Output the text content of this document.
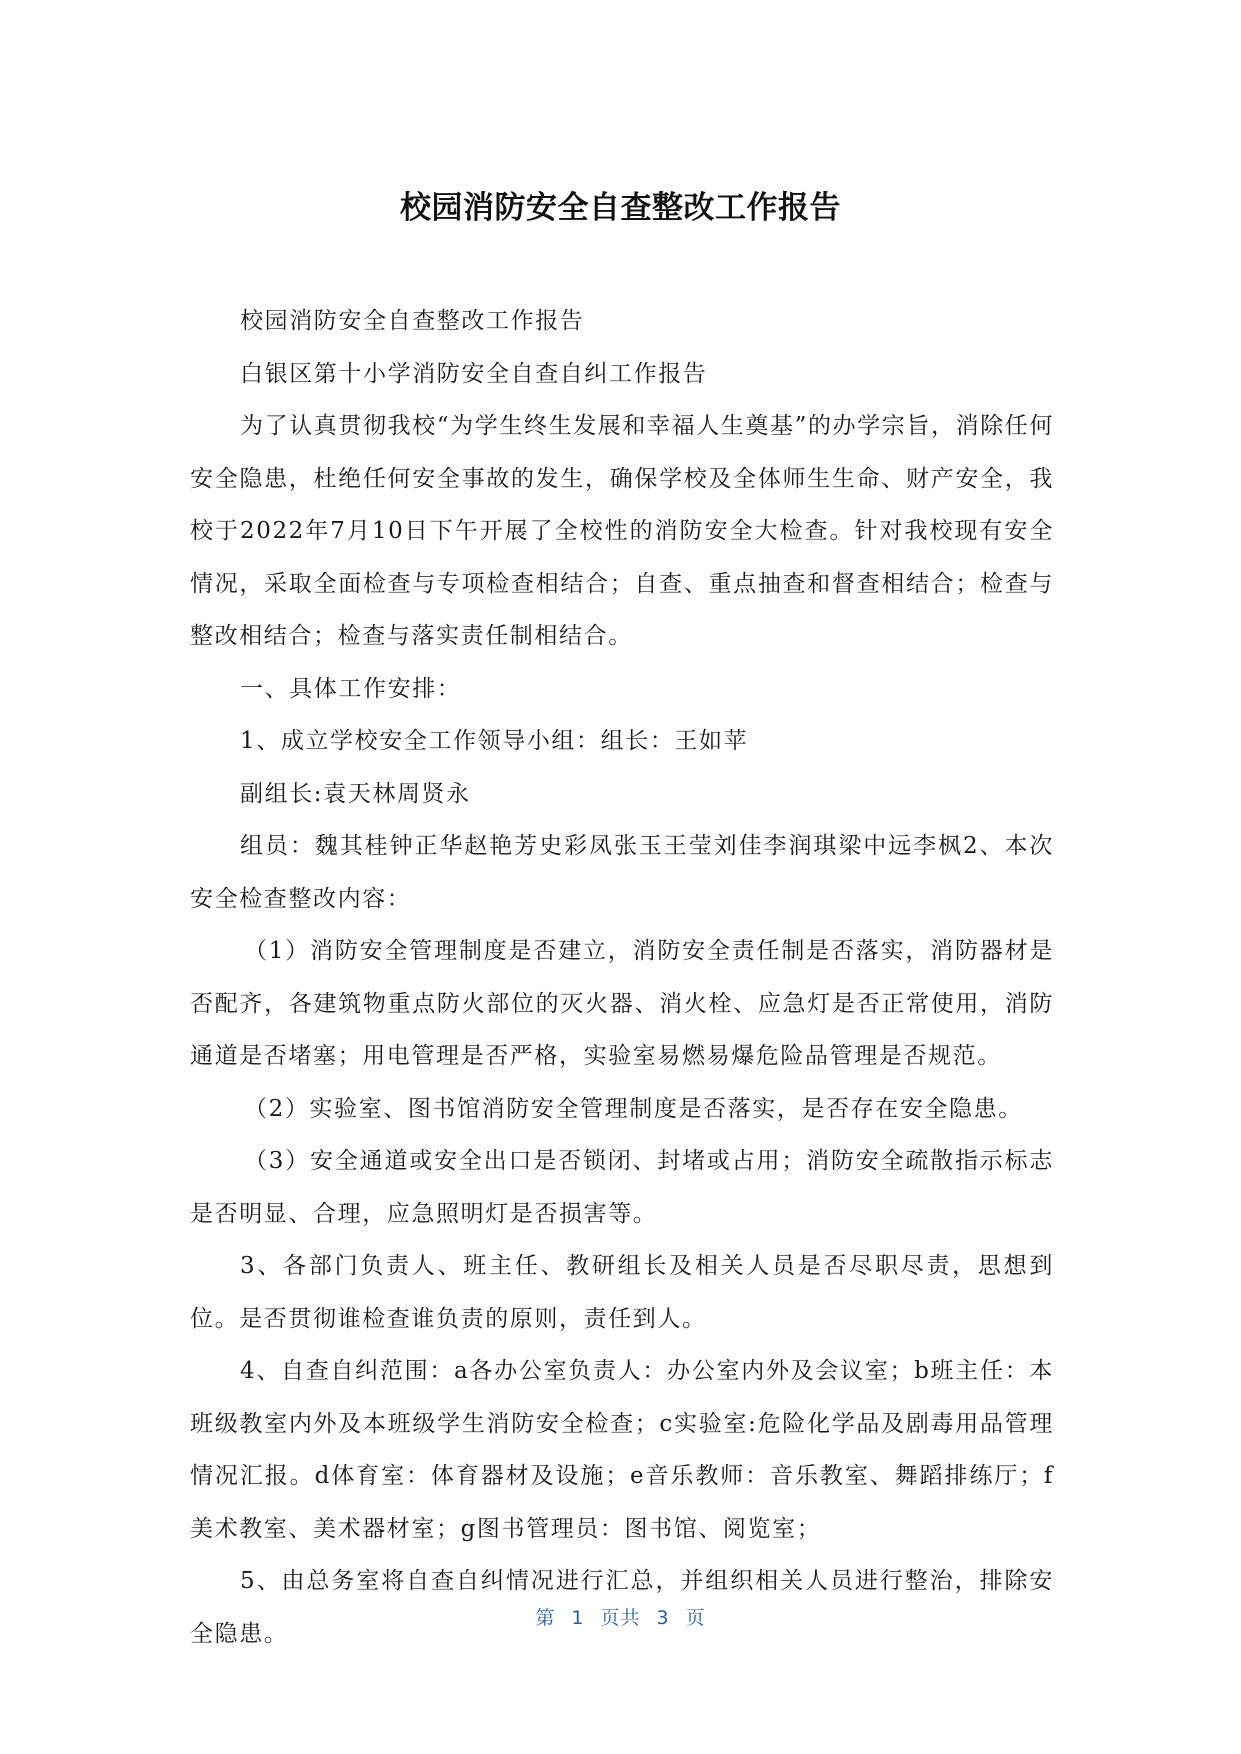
校园消防安全自查整改工作报告

校园消防安全自查整改工作报告

白银区第十小学消防安全自查自纠工作报告

为了认真贯彻我校“为学生终生发展和幸福人生奠基”的办学宗旨，消除任何安全隐患，杜绝任何安全事故的发生，确保学校及全体师生生命、财产安全，我校于2022年7月10日下午开展了全校性的消防安全大检查。针对我校现有安全情况，采取全面检查与专项检查相结合；自查、重点抽查和督查相结合；检查与整改相结合；检查与落实责任制相结合。

一、具体工作安排：

1、成立学校安全工作领导小组：组长：王如苹

副组长:袁天林周贤永

组员：魏其桂钟正华赵艳芳史彩凤张玉王莹刘佳李润琪梁中远李枫2、本次安全检查整改内容：

（1）消防安全管理制度是否建立，消防安全责任制是否落实，消防器材是否配齐，各建筑物重点防火部位的灭火器、消火栓、应急灯是否正常使用，消防通道是否堵塞；用电管理是否严格，实验室易燃易爆危险品管理是否规范。

（2）实验室、图书馆消防安全管理制度是否落实，是否存在安全隐患。

（3）安全通道或安全出口是否锁闭、封堵或占用；消防安全疏散指示标志是否明显、合理，应急照明灯是否损害等。

3、各部门负责人、班主任、教研组长及相关人员是否尽职尽责，思想到位。是否贯彻谁检查谁负责的原则，责任到人。

4、自查自纠范围：a各办公室负责人：办公室内外及会议室；b班主任：本班级教室内外及本班级学生消防安全检查；c实验室:危险化学品及剧毒用品管理情况汇报。d体育室：体育器材及设施；e音乐教师：音乐教室、舞蹈排练厅；f美术教室、美术器材室；g图书管理员：图书馆、阅览室；

5、由总务室将自查自纠情况进行汇总，并组织相关人员进行整治，排除安全隐患。

第 1 页共 3 页
